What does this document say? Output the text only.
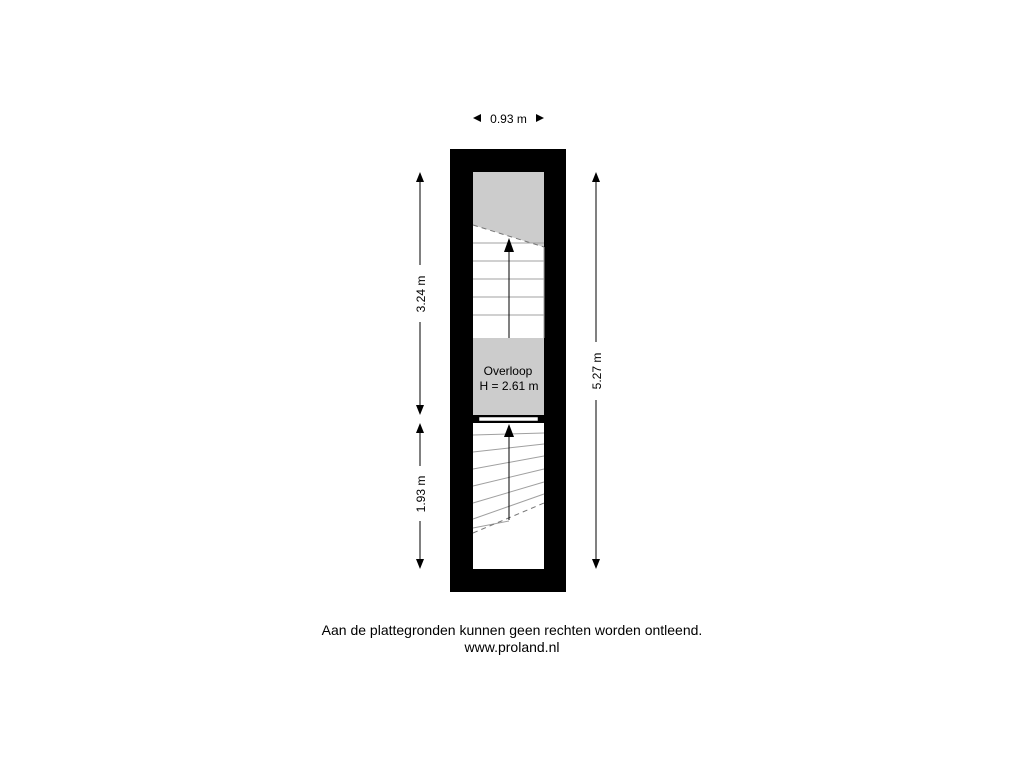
0.93 m
3.24 m
1.93 m
5.27 m
Overloop
H = 2.61 m
Aan de plattegronden kunnen geen rechten worden ontleend.
www.proland.nl
